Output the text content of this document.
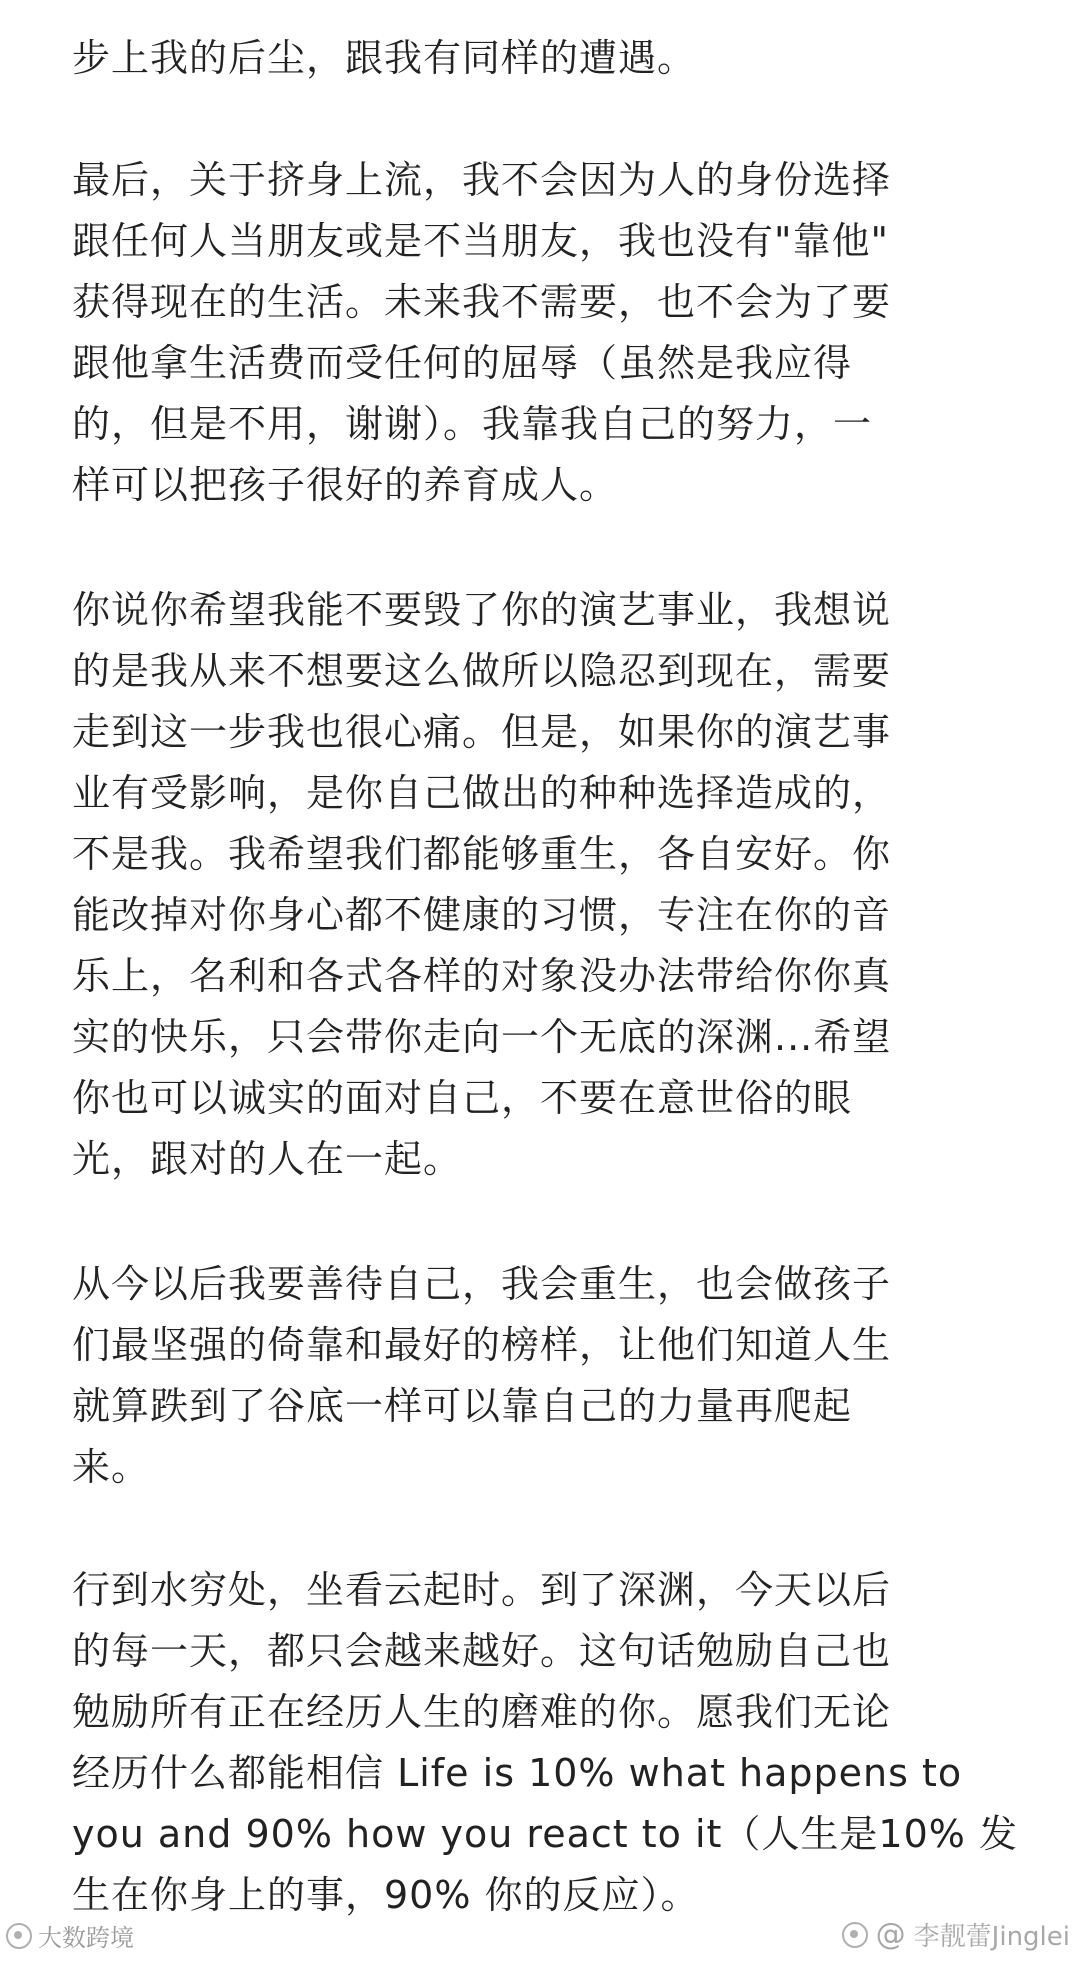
步上我的后尘，跟我有同样的遭遇。
最后，关于挤身上流，我不会因为人的身份选择
跟任何人当朋友或是不当朋友，我也没有"靠他"
获得现在的生活。未来我不需要，也不会为了要
跟他拿生活费而受任何的屈辱（虽然是我应得
的，但是不用，谢谢）。我靠我自己的努力，一
样可以把孩子很好的养育成人。
你说你希望我能不要毁了你的演艺事业，我想说
的是我从来不想要这么做所以隐忍到现在，需要
走到这一步我也很心痛。但是，如果你的演艺事
业有受影响，是你自己做出的种种选择造成的，
不是我。我希望我们都能够重生，各自安好。你
能改掉对你身心都不健康的习惯，专注在你的音
乐上，名利和各式各样的对象没办法带给你你真
实的快乐，只会带你走向一个无底的深渊...希望
你也可以诚实的面对自己，不要在意世俗的眼
光，跟对的人在一起。
从今以后我要善待自己，我会重生，也会做孩子
们最坚强的倚靠和最好的榜样，让他们知道人生
就算跌到了谷底一样可以靠自己的力量再爬起
来。
行到水穷处，坐看云起时。到了深渊，今天以后
的每一天，都只会越来越好。这句话勉励自己也
勉励所有正在经历人生的磨难的你。愿我们无论
经历什么都能相信 Life is 10% what happens to
you and 90% how you react to it（人生是10% 发
生在你身上的事，90% 你的反应）。
大数跨境	@ 李靓蕾Jinglei
